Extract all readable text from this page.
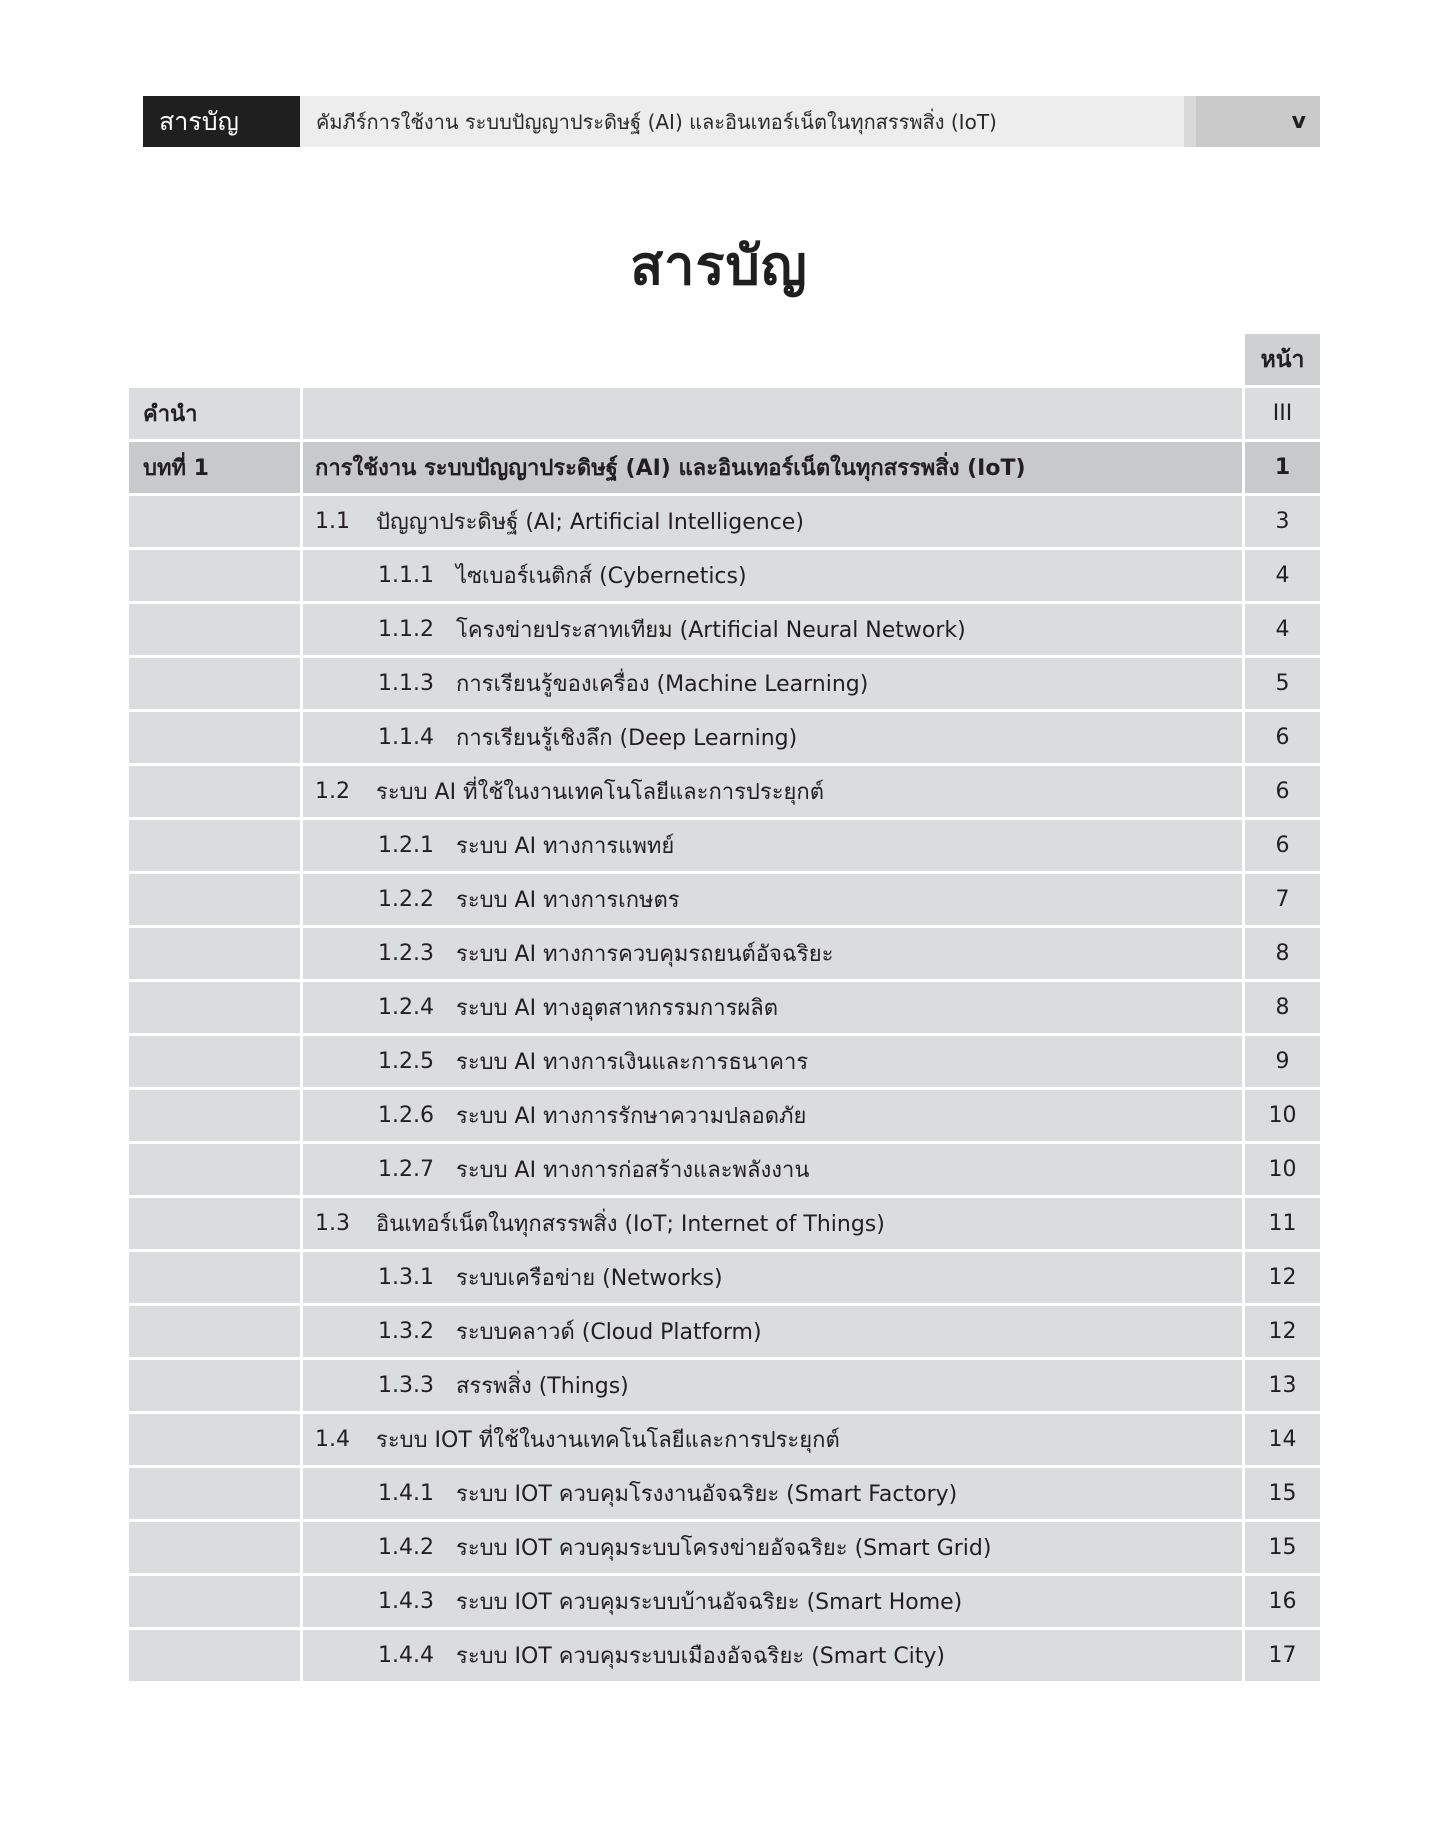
สารบัญ	คัมภีร์การใช้งาน ระบบปัญญาประดิษฐ์ (AI) และอินเทอร์เน็ตในทุกสรรพสิ่ง (IoT)	v
สารบัญ
หน้า
คำนำ	III
บทที่ 1	การใช้งาน ระบบปัญญาประดิษฐ์ (AI) และอินเทอร์เน็ตในทุกสรรพสิ่ง (IoT)	1
1.1	ปัญญาประดิษฐ์ (AI; Artificial Intelligence)	3
1.1.1	ไซเบอร์เนติกส์ (Cybernetics)	4
1.1.2	โครงข่ายประสาทเทียม (Artificial Neural Network)	4
1.1.3	การเรียนรู้ของเครื่อง (Machine Learning)	5
1.1.4	การเรียนรู้เชิงลึก (Deep Learning)	6
1.2	ระบบ AI ที่ใช้ในงานเทคโนโลยีและการประยุกต์	6
1.2.1	ระบบ AI ทางการแพทย์	6
1.2.2	ระบบ AI ทางการเกษตร	7
1.2.3	ระบบ AI ทางการควบคุมรถยนต์อัจฉริยะ	8
1.2.4	ระบบ AI ทางอุตสาหกรรมการผลิต	8
1.2.5	ระบบ AI ทางการเงินและการธนาคาร	9
1.2.6	ระบบ AI ทางการรักษาความปลอดภัย	10
1.2.7	ระบบ AI ทางการก่อสร้างและพลังงาน	10
1.3	อินเทอร์เน็ตในทุกสรรพสิ่ง (IoT; Internet of Things)	11
1.3.1	ระบบเครือข่าย (Networks)	12
1.3.2	ระบบคลาวด์ (Cloud Platform)	12
1.3.3	สรรพสิ่ง (Things)	13
1.4	ระบบ IOT ที่ใช้ในงานเทคโนโลยีและการประยุกต์	14
1.4.1	ระบบ IOT ควบคุมโรงงานอัจฉริยะ (Smart Factory)	15
1.4.2	ระบบ IOT ควบคุมระบบโครงข่ายอัจฉริยะ (Smart Grid)	15
1.4.3	ระบบ IOT ควบคุมระบบบ้านอัจฉริยะ (Smart Home)	16
1.4.4	ระบบ IOT ควบคุมระบบเมืองอัจฉริยะ (Smart City)	17
